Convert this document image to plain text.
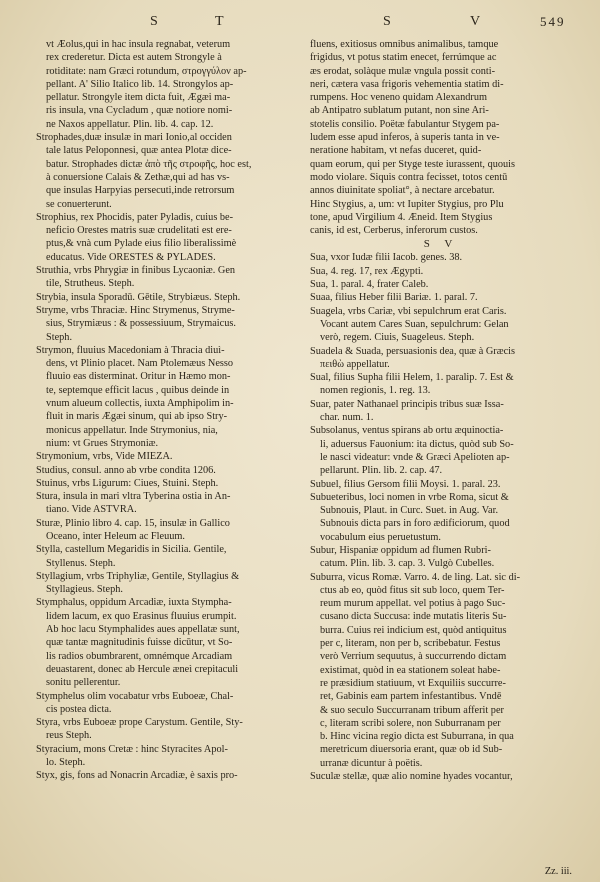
S	T	S	V	549
vt Æolus,qui in hac insula regnabat, veterum
rex crederetur. Dicta est autem Strongyle à
rotiditate: nam Græci rotundum, στρογγύλον ap-
pellant. A' Silio Italico lib. 14. Strongylos ap-
pellatur. Strongyle item dicta fuit, Ægæi ma-
ris insula, vna Cycladum , quæ notiore nomi-
ne Naxos appellatur. Plin. lib. 4. cap. 12.
Strophades,duæ insulæ in mari Ionio,al occiden
tale latus Peloponnesi, quæ antea Plotæ dice-
batur. Strophades dictæ ἀπὸ τῆς στροφῆς, hoc est,
à conuersione Calais & Zethæ,qui ad has vs-
que insulas Harpyias persecuti,inde retrorsum
se conuerterunt.
Strophius, rex Phocidis, pater Pyladis, cuius be-
neficio Orestes matris suæ crudelitati est ere-
ptus,& vnà cum Pylade eius filio liberalissimè
educatus. Vide ORESTES & PYLADES.
Struthia, vrbs Phrygiæ in finibus Lycaoniæ. Gen
tile, Strutheus. Steph.
Strybia, insula Sporadū. Gētile, Strybiæus. Steph.
Stryme, vrbs Thraciæ. Hinc Strymenus, Stryme-
sius, Strymiæus : & possessiuum, Strymaicus.
Steph.
Strymon, fluuius Macedoniam à Thracia diuì-
dens, vt Plinio placet. Nam Ptolemæus Nesso
fluuio eas disterminat. Oritur in Hæmo mon-
te, septemque efficit lacus , quibus deinde in
vnum alueum collectis, iuxta Amphipolim in-
fluit in maris Ægæi sinum, qui ab ipso Stry-
monicus appellatur. Inde Strymonius, nia,
nium: vt Grues Strymoniæ.
Strymonium, vrbs, Vide MIEZA.
Studius, consul. anno ab vrbe condita 1206.
Stuinus, vrbs Ligurum: Ciues, Stuini. Steph.
Stura, insula in mari vltra Tyberina ostia in An-
tiano. Vide ASTVRA.
Sturæ, Plinio libro 4. cap. 15, insulæ in Gallico
Oceano, inter Heleum ac Fleuum.
Stylla, castellum Megaridis in Sicilia. Gentile,
Styllenus. Steph.
Styllagium, vrbs Triphyliæ, Gentile, Styllagius &
Styllagieus. Steph.
Stymphalus, oppidum Arcadiæ, iuxta Stympha-
lidem lacum, ex quo Erasinus fluuius erumpit.
Ab hoc lacu Stymphalides aues appellatæ sunt,
quæ tantæ magnitudinis fuisse dicūtur, vt So-
lis radios obumbrarent, omnémque Arcadiam
deuastarent, donec ab Hercule æneì crepitaculi
sonitu pellerentur.
Stymphelus olim vocabatur vrbs Euboeæ, Chal-
cis postea dicta.
Styra, vrbs Euboeæ prope Carystum. Gentile, Sty-
reus Steph.
Styracium, mons Cretæ : hinc Styracites Apol-
lo. Steph.
Styx, gis, fons ad Nonacrin Arcadiæ, è saxis pro-
fluens, exitiosus omnibus animalibus, tamque
frigidus, vt potus statim enecet, ferrúmque ac
æs erodat, solàque mulæ vngula possit conti-
neri, cætera vasa frigoris vehementia statim di-
rumpens. Hoc veneno quidam Alexandrum
ab Antipatro sublatum putant, non sine Ari-
stotelis consilio. Poëtæ fabulantur Stygem pa-
ludem esse apud inferos, à superis tanta in ve-
neratione habitam, vt nefas duceret, quid-
quam eorum, qui per Styge teste iurassent, quouis
modo violare. Siquis contra fecisset, totos centū
annos diuinitate spoliat°, à nectare arcebatur.
Hinc Stygius, a, um: vt Iupiter Stygius, pro Plu
tone, apud Virgilium 4. Æneid. Item Stygius
canis, id est, Cerberus, inferorum custos.
S V
Sua, vxor Iudæ filii Iacob. genes. 38.
Sua, 4. reg. 17, rex Ægypti.
Sua, 1. paral. 4, frater Caleb.
Suaa, filius Heber filii Bariæ. 1. paral. 7.
Suagela, vrbs Cariæ, vbi sepulchrum erat Caris.
Vocant autem Cares Suan, sepulchrum: Gelan
verò, regem. Ciuis, Suageleus. Steph.
Suadela & Suada, persuasionis dea, quæ à Græcis
πειθὼ appellatur.
Sual, filius Supha filii Helem, 1. paralip. 7. Est &
nomen regionis, 1. reg. 13.
Suar, pater Nathanael principis tribus suæ Issa-
char. num. 1.
Subsolanus, ventus spirans ab ortu æquinoctia-
li, aduersus Fauonium: ita dictus, quòd sub So-
le nasci videatur: vnde & Græci Apelioten ap-
pellarunt. Plin. lib. 2. cap. 47.
Subuel, filius Gersom filii Moysi. 1. paral. 23.
Subueteribus, loci nomen in vrbe Roma, sicut &
Subnouis, Plaut. in Curc. Suet. in Aug. Var.
Subnouis dicta pars in foro ædificiorum, quod
vocabulum eius peruetustum.
Subur, Hispaniæ oppidum ad flumen Rubri-
catum. Plin. lib. 3. cap. 3. Vulgò Cubelles.
Suburra, vicus Romæ. Varro. 4. de ling. Lat. sic di-
ctus ab eo, quòd fitus sit sub loco, quem Ter-
reum murum appellat. vel potius à pago Suc-
cusano dicta Succusa: inde mutatis literis Su-
burra. Cuius rei indicium est, quòd antiquitus
per c, literam, non per b, scribebatur. Festus
verò Verrium sequutus, à succurrendo dictam
existimat, quòd in ea stationem soleat habe-
re præsidium statiuum, vt Exquiliis succurre-
ret, Gabinis eam partem infestantibus. Vndē
& suo seculo Succurranam tribum afferit per
c, literam scribi solere, non Suburranam per
b. Hinc vicina regio dicta est Suburrana, in qua
meretricum diuersoria erant, quæ ob id Sub-
urranæ dicuntur à poëtis.
Suculæ stellæ, quæ alio nomine hyades vocantur,
Zz. iii.
